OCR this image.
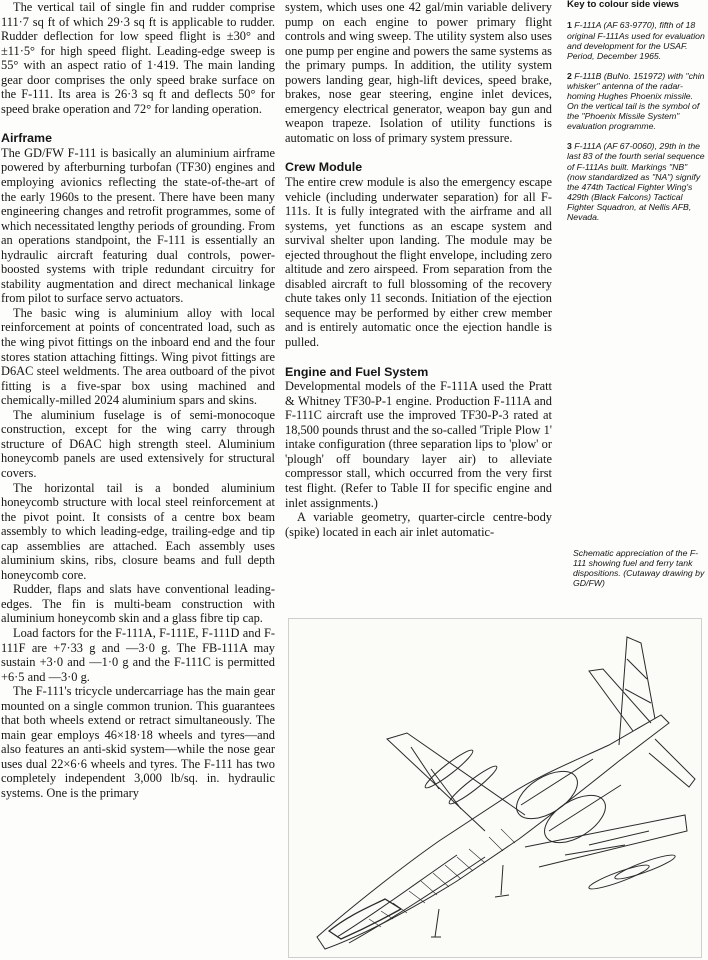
The vertical tail of single fin and rudder comprise 111·7 sq ft of which 29·3 sq ft is applicable to rudder. Rudder deflection for low speed flight is ±30° and ±11·5° for high speed flight. Leading-edge sweep is 55° with an aspect ratio of 1·419. The main landing gear door comprises the only speed brake surface on the F-111. Its area is 26·3 sq ft and deflects 50° for speed brake operation and 72° for landing operation.

Airframe

The GD/FW F-111 is basically an aluminium airframe powered by afterburning turbofan (TF30) engines and employing avionics reflecting the state-of-the-art of the early 1960s to the present. There have been many engineering changes and retrofit programmes, some of which necessitated lengthy periods of grounding. From an operations standpoint, the F-111 is essentially an hydraulic aircraft featuring dual controls, power-boosted systems with triple redundant circuitry for stability augmentation and direct mechanical linkage from pilot to surface servo actuators.

The basic wing is aluminium alloy with local reinforcement at points of concentrated load, such as the wing pivot fittings on the inboard end and the four stores station attaching fittings. Wing pivot fittings are D6AC steel weldments. The area outboard of the pivot fitting is a five-spar box using machined and chemically-milled 2024 aluminium spars and skins.

The aluminium fuselage is of semi-monocoque construction, except for the wing carry through structure of D6AC high strength steel. Aluminium honeycomb panels are used extensively for structural covers.

The horizontal tail is a bonded aluminium honeycomb structure with local steel reinforcement at the pivot point. It consists of a centre box beam assembly to which leading-edge, trailing-edge and tip cap assemblies are attached. Each assembly uses aluminium skins, ribs, closure beams and full depth honeycomb core.

Rudder, flaps and slats have conventional leading-edges. The fin is multi-beam construction with aluminium honeycomb skin and a glass fibre tip cap.

Load factors for the F-111A, F-111E, F-111D and F-111F are +7·33 g and —3·0 g. The FB-111A may sustain +3·0 and —1·0 g and the F-111C is permitted +6·5 and —3·0 g.

The F-111's tricycle undercarriage has the main gear mounted on a single common trunion. This guarantees that both wheels extend or retract simultaneously. The main gear employs 46×18·18 wheels and tyres—and also features an anti-skid system—while the nose gear uses dual 22×6·6 wheels and tyres. The F-111 has two completely independent 3,000 lb/sq. in. hydraulic systems. One is the primary

system, which uses one 42 gal/min variable delivery pump on each engine to power primary flight controls and wing sweep. The utility system also uses one pump per engine and powers the same systems as the primary pumps. In addition, the utility system powers landing gear, high-lift devices, speed brake, brakes, nose gear steering, engine inlet devices, emergency electrical generator, weapon bay gun and weapon trapeze. Isolation of utility functions is automatic on loss of primary system pressure.

Crew Module

The entire crew module is also the emergency escape vehicle (including underwater separation) for all F-111s. It is fully integrated with the airframe and all systems, yet functions as an escape system and survival shelter upon landing. The module may be ejected throughout the flight envelope, including zero altitude and zero airspeed. From separation from the disabled aircraft to full blossoming of the recovery chute takes only 11 seconds. Initiation of the ejection sequence may be performed by either crew member and is entirely automatic once the ejection handle is pulled.

Engine and Fuel System

Developmental models of the F-111A used the Pratt & Whitney TF30-P-1 engine. Production F-111A and F-111C aircraft use the improved TF30-P-3 rated at 18,500 pounds thrust and the so-called 'Triple Plow 1' intake configuration (three separation lips to 'plow' or 'plough' off boundary layer air) to alleviate compressor stall, which occurred from the very first test flight. (Refer to Table II for specific engine and inlet assignments.)

A variable geometry, quarter-circle centre-body (spike) located in each air inlet automatic-

Key to colour side views

1 F-111A (AF 63-9770), fifth of 18 original F-111As used for evaluation and development for the USAF. Period, December 1965.

2 F-111B (BuNo. 151972) with "chin whisker" antenna of the radar-homing Hughes Phoenix missile. On the vertical tail is the symbol of the "Phoenix Missile System" evaluation programme.

3 F-111A (AF 67-0060), 29th in the last 83 of the fourth serial sequence of F-111As built. Markings "NB" (now standardized as "NA") signify the 474th Tactical Fighter Wing's 429th (Black Falcons) Tactical Fighter Squadron, at Nellis AFB, Nevada.

Schematic appreciation of the F-111 showing fuel and ferry tank dispositions. (Cutaway drawing by GD/FW)
